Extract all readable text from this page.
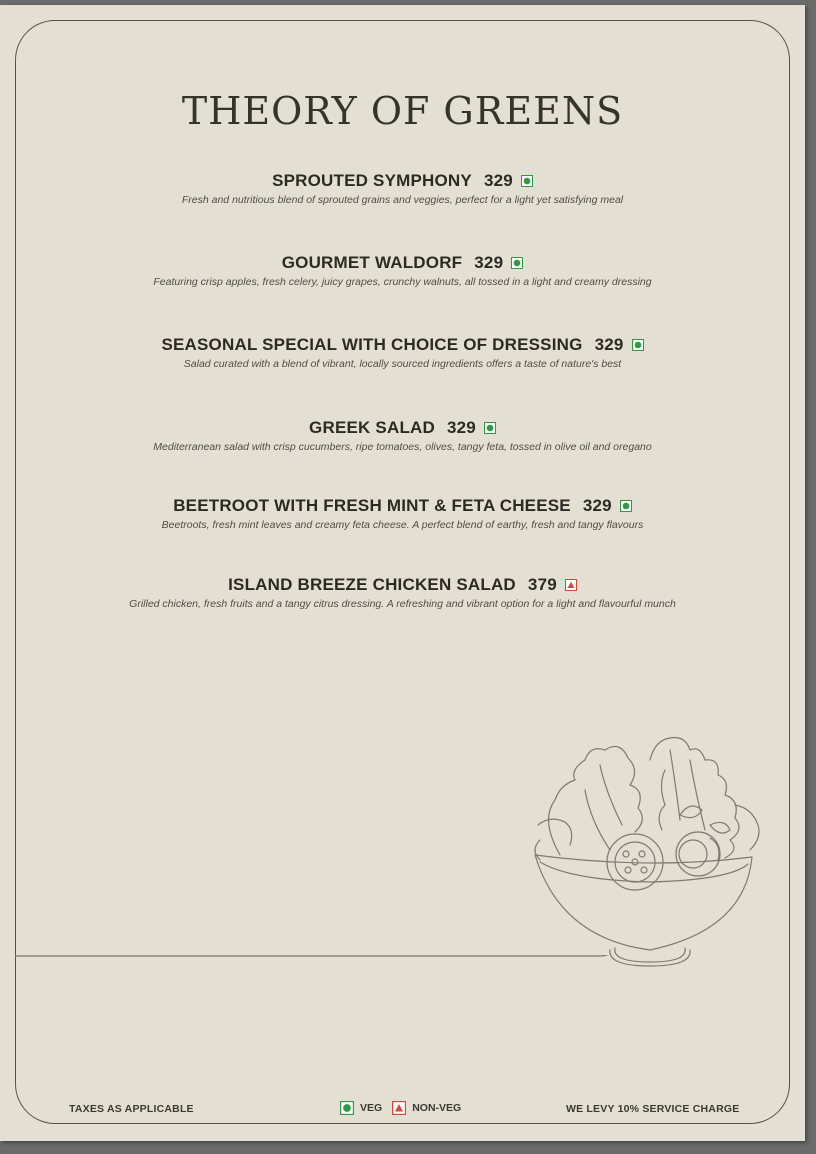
THEORY OF GREENS
SPROUTED SYMPHONY 329
Fresh and nutritious blend of sprouted grains and veggies, perfect for a light yet satisfying meal
GOURMET WALDORF 329
Featuring crisp apples, fresh celery, juicy grapes, crunchy walnuts, all tossed in a light and creamy dressing
SEASONAL SPECIAL WITH CHOICE OF DRESSING 329
Salad curated with a blend of vibrant, locally sourced ingredients offers a taste of nature's best
GREEK SALAD 329
Mediterranean salad with crisp cucumbers, ripe tomatoes, olives, tangy feta, tossed in olive oil and oregano
BEETROOT WITH FRESH MINT & FETA CHEESE 329
Beetroots, fresh mint leaves and creamy feta cheese. A perfect blend of earthy, fresh and tangy flavours
ISLAND BREEZE CHICKEN SALAD 379
Grilled chicken, fresh fruits and a tangy citrus dressing. A refreshing and vibrant option for a light and flavourful munch
TAXES AS APPLICABLE	VEG	NON-VEG	WE LEVY 10% SERVICE CHARGE
